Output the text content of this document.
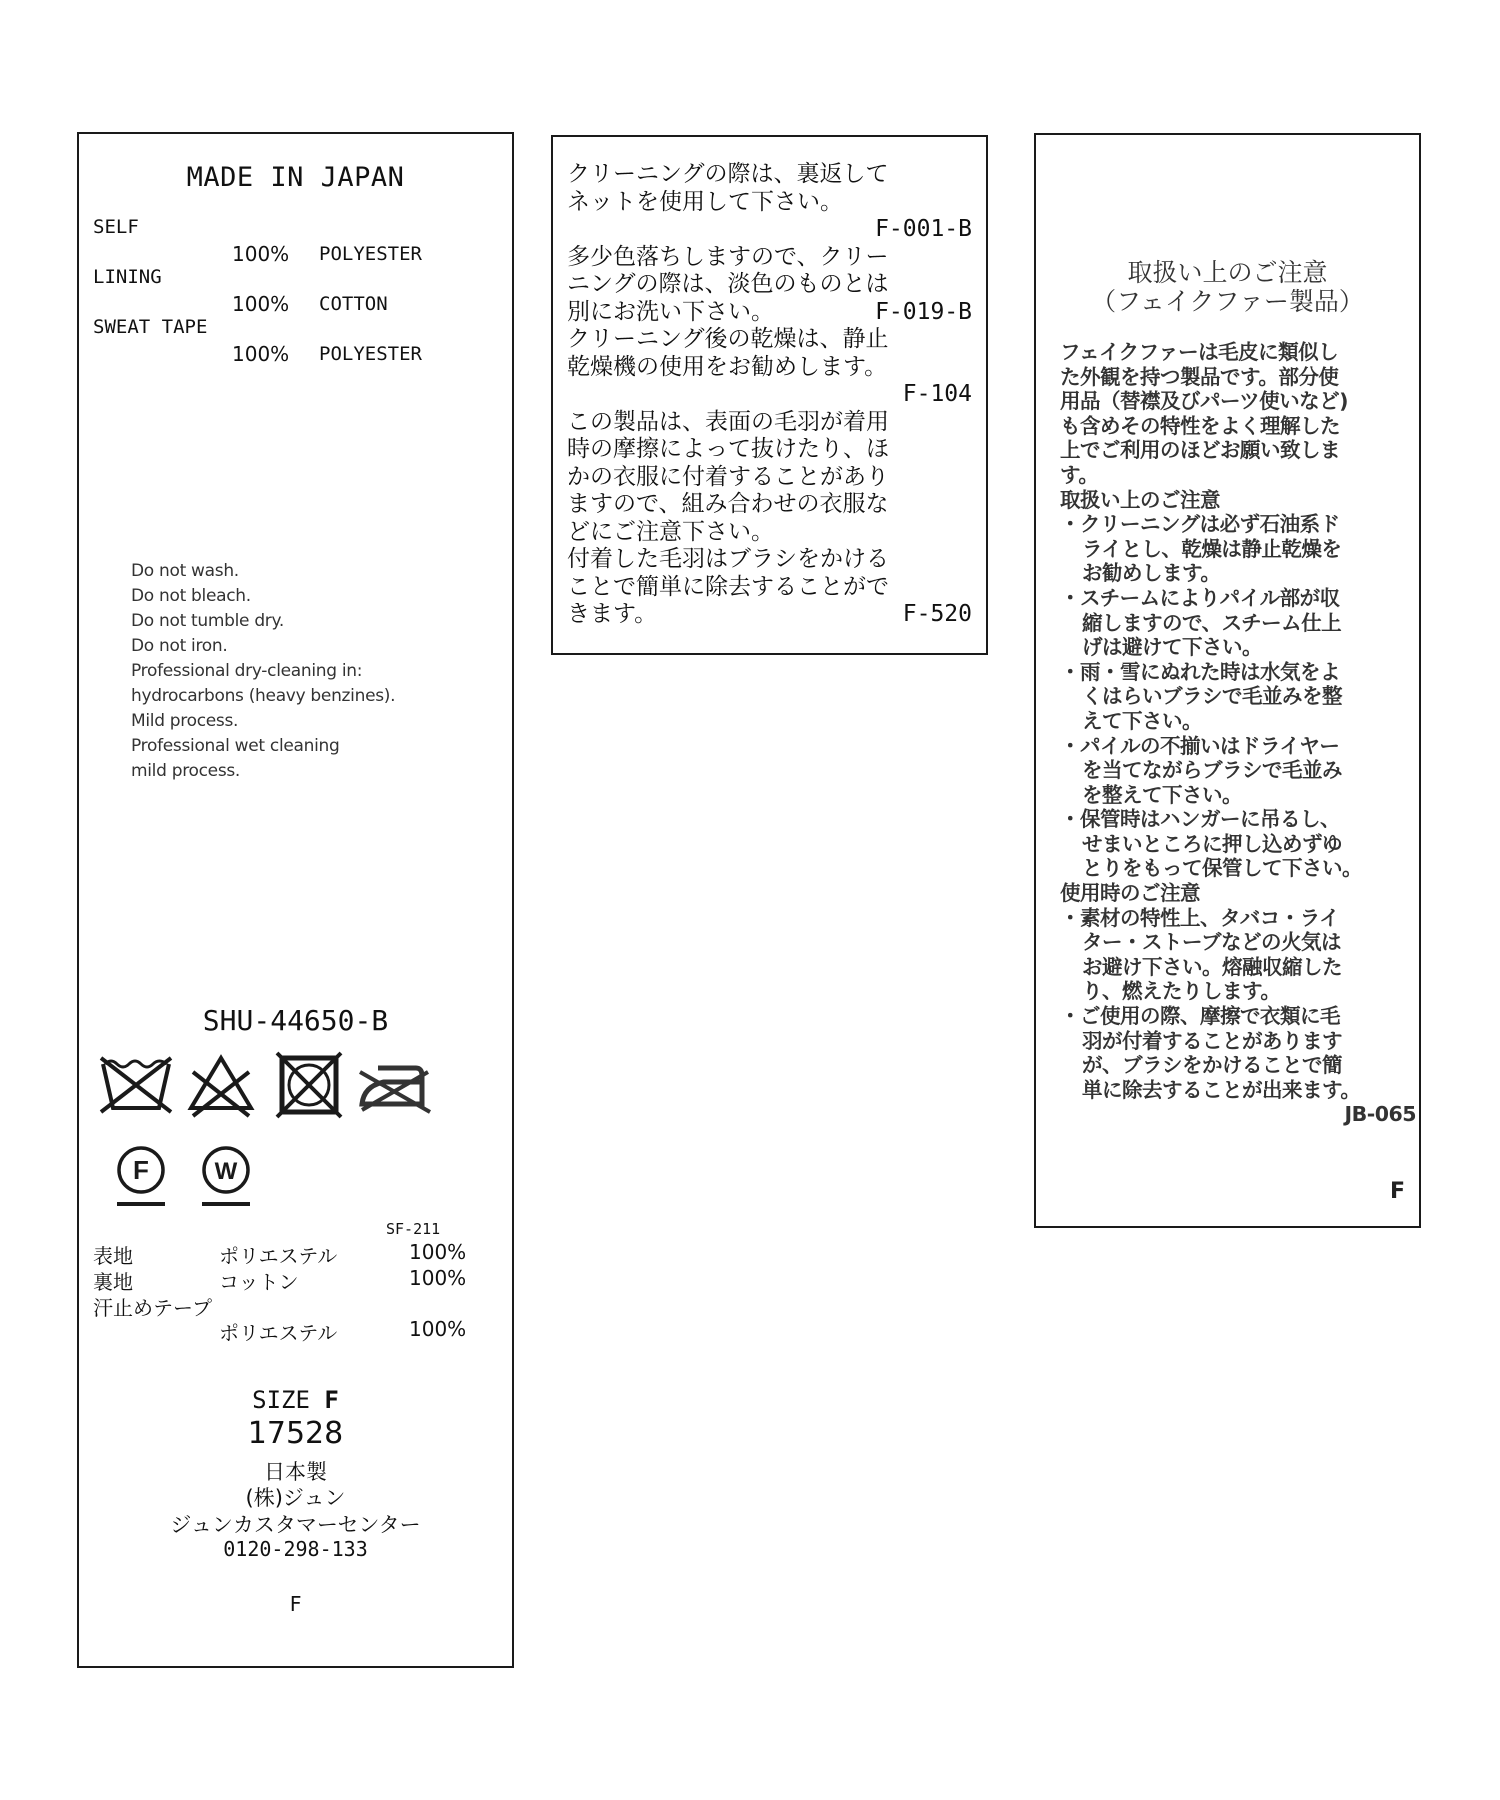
MADE IN JAPAN
SELF
100% POLYESTER
LINING
100% COTTON
SWEAT TAPE
100% POLYESTER
Do not wash.
Do not bleach.
Do not tumble dry.
Do not iron.
Professional dry-cleaning in:
hydrocarbons (heavy benzines).
Mild process.
Professional wet cleaning
mild process.
SHU-44650-B
F	W
SF-211
表地	ポリエステル	100%
裏地	コットン	100%
汗止めテープ
ポリエステル	100%
SIZE F
17528
日本製
(株)ジュン
ジュンカスタマーセンター
0120-298-133
F
クリーニングの際は、裏返して
ネットを使用して下さい。
F-001-B
多少色落ちしますので、クリー
ニングの際は、淡色のものとは
別にお洗い下さい。	F-019-B
クリーニング後の乾燥は、静止
乾燥機の使用をお勧めします。
F-104
この製品は、表面の毛羽が着用
時の摩擦によって抜けたり、ほ
かの衣服に付着することがあり
ますので、組み合わせの衣服な
どにご注意下さい。
付着した毛羽はブラシをかける
ことで簡単に除去することがで
きます。	F-520
取扱い上のご注意
（フェイクファー製品）
フェイクファーは毛皮に類似し
た外観を持つ製品です。部分使
用品（替襟及びパーツ使いなど)
も含めその特性をよく理解した
上でご利用のほどお願い致しま
す。
取扱い上のご注意
・クリーニングは必ず石油系ド
ライとし、乾燥は静止乾燥を
お勧めします。
・スチームによりパイル部が収
縮しますので、スチーム仕上
げは避けて下さい。
・雨・雪にぬれた時は水気をよ
くはらいブラシで毛並みを整
えて下さい。
・パイルの不揃いはドライヤー
を当てながらブラシで毛並み
を整えて下さい。
・保管時はハンガーに吊るし、
せまいところに押し込めずゆ
とりをもって保管して下さい。
使用時のご注意
・素材の特性上、タバコ・ライ
ター・ストーブなどの火気は
お避け下さい。熔融収縮した
り、燃えたりします。
・ご使用の際、摩擦で衣類に毛
羽が付着することがあります
が、ブラシをかけることで簡
単に除去することが出来ます。
JB-065
F
